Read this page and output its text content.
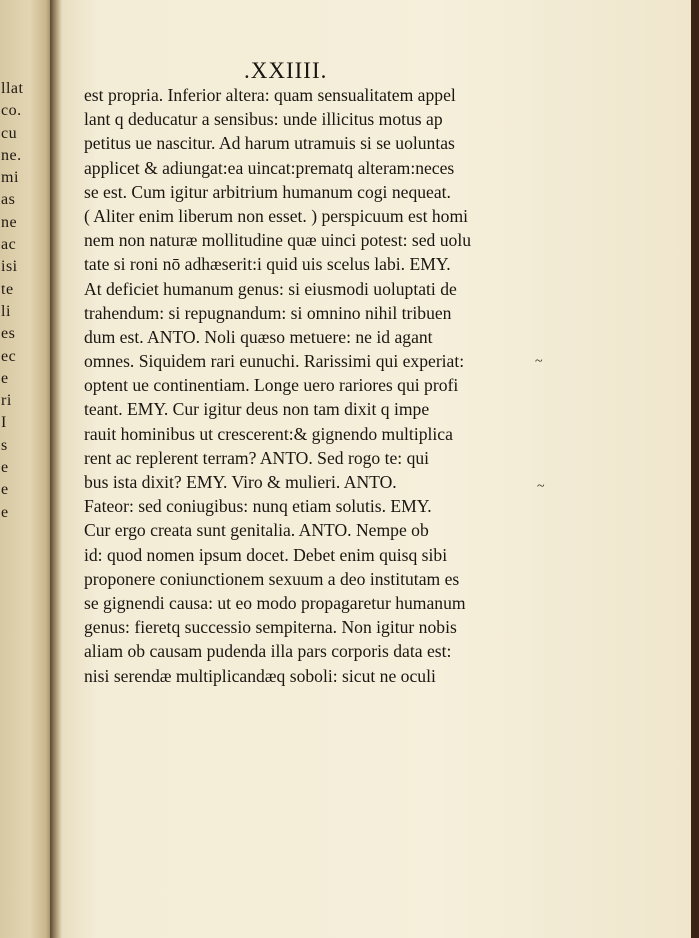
llat
co.
cu
ne.
mi
as
ne
ac
isi
te
li
es
ec
e
ri
I
s
e
e
e
.XXIIII.
est propria. Inferior altera: quam sensualitatem appel
lant q deducatur a sensibus: unde illicitus motus ap
petitus ue nascitur. Ad harum utramuis si se uoluntas
applicet & adiungat:ea uincat:prematq alteram:neces
se est. Cum igitur arbitrium humanum cogi nequeat.
( Aliter enim liberum non esset. ) perspicuum est homi
nem non naturæ mollitudine quæ uinci potest: sed uolu
tate si roni nō adhæserit:i quid uis scelus labi. EMY.
At deficiet humanum genus: si eiusmodi uoluptati de
trahendum: si repugnandum: si omnino nihil tribuen
dum est. ANTO. Noli quæso metuere: ne id agant
omnes. Siquidem rari eunuchi. Rarissimi qui experiat:
optent ue continentiam. Longe uero rariores qui profi
teant. EMY. Cur igitur deus non tam dixit q impe
rauit hominibus ut crescerent:& gignendo multiplica
rent ac replerent terram? ANTO. Sed rogo te: qui
bus ista dixit? EMY. Viro & mulieri. ANTO.
Fateor: sed coniugibus: nunq etiam solutis. EMY.
Cur ergo creata sunt genitalia. ANTO. Nempe ob
id: quod nomen ipsum docet. Debet enim quisq sibi
proponere coniunctionem sexuum a deo institutam es
se gignendi causa: ut eo modo propagaretur humanum
genus: fieretq successio sempiterna. Non igitur nobis
aliam ob causam pudenda illa pars corporis data est:
nisi serendæ multiplicandæq soboli: sicut ne oculi
~
~
